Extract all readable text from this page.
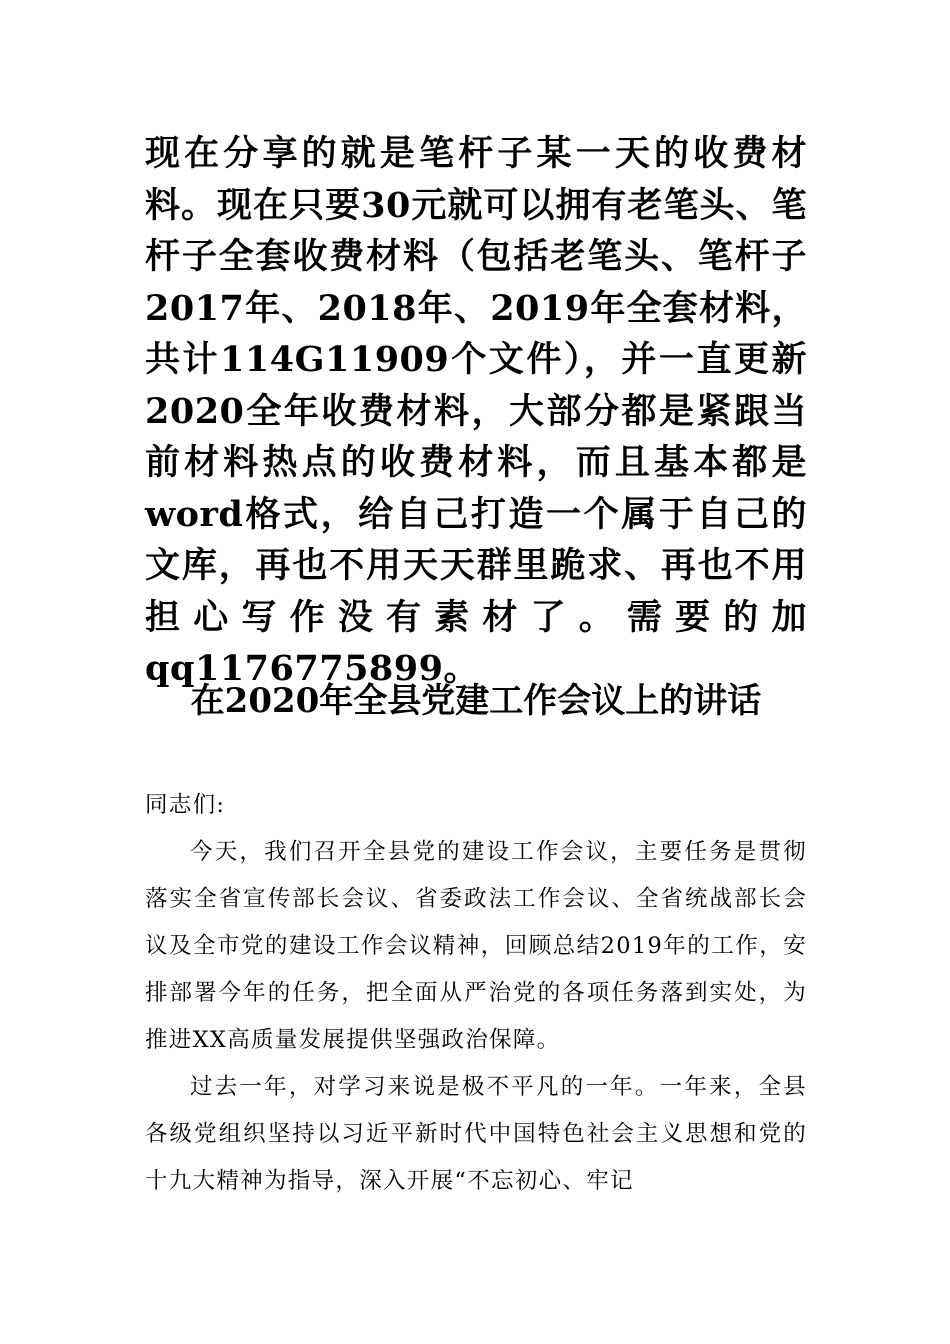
现在分享的就是笔杆子某一天的收费材料。现在只要30元就可以拥有老笔头、笔杆子全套收费材料（包括老笔头、笔杆子2017年、2018年、2019年全套材料，共计114G11909个文件），并一直更新2020全年收费材料，大部分都是紧跟当前材料热点的收费材料，而且基本都是word格式，给自己打造一个属于自己的文库，再也不用天天群里跪求、再也不用担心写作没有素材了。需要的加qq1176775899。
在2020年全县党建工作会议上的讲话

同志们:

今天，我们召开全县党的建设工作会议，主要任务是贯彻落实全省宣传部长会议、省委政法工作会议、全省统战部长会议及全市党的建设工作会议精神，回顾总结2019年的工作，安排部署今年的任务，把全面从严治党的各项任务落到实处，为推进XX高质量发展提供坚强政治保障。

过去一年，对学习来说是极不平凡的一年。一年来，全县各级党组织坚持以习近平新时代中国特色社会主义思想和党的十九大精神为指导，深入开展“不忘初心、牢记
